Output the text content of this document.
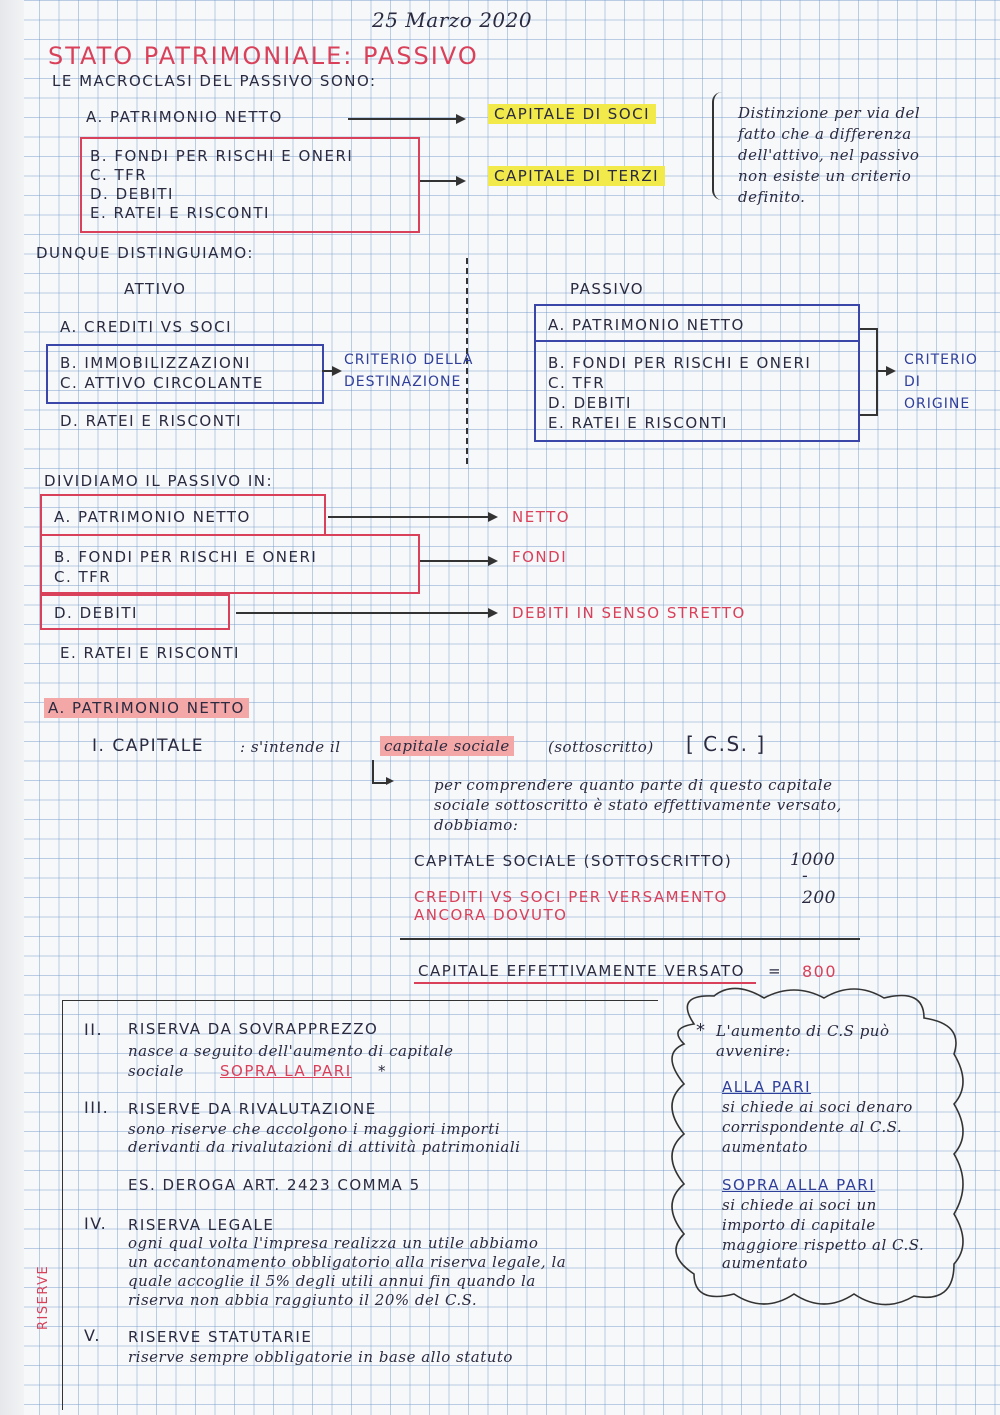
25 Marzo 2020
STATO PATRIMONIALE: PASSIVO
LE MACROCLASI DEL PASSIVO SONO:
A. PATRIMONIO NETTO	CAPITALE DI SOCI
B. FONDI PER RISCHI E ONERI
C. TFR
D. DEBITI
E. RATEI E RISCONTI
CAPITALE DI TERZI
Distinzione per via del
fatto che a differenza
dell'attivo, nel passivo
non esiste un criterio
definito.
DUNQUE DISTINGUIAMO:
ATTIVO
A. CREDITI VS SOCI
B. IMMOBILIZZAZIONI
C. ATTIVO CIRCOLANTE
CRITERIO DELLA
DESTINAZIONE
D. RATEI E RISCONTI
PASSIVO
A. PATRIMONIO NETTO
B. FONDI PER RISCHI E ONERI
C. TFR
D. DEBITI
E. RATEI E RISCONTI
CRITERIO
DI
ORIGINE
DIVIDIAMO IL PASSIVO IN:
A. PATRIMONIO NETTO	NETTO
B. FONDI PER RISCHI E ONERI
C. TFR
FONDI
D. DEBITI	DEBITI IN SENSO STRETTO
E. RATEI E RISCONTI
A. PATRIMONIO NETTO
I. CAPITALE : s'intende il	capitale sociale	(sottoscritto) [ C.S. ]
per comprendere quanto parte di questo capitale
sociale sottoscritto è stato effettivamente versato,
dobbiamo:
CAPITALE SOCIALE (SOTTOSCRITTO)	1000
-
CREDITI VS SOCI PER VERSAMENTO
ANCORA DOVUTO
200
CAPITALE EFFETTIVAMENTE VERSATO = 800
RISERVE
II. RISERVA DA SOVRAPPREZZO
nasce a seguito dell'aumento di capitale
sociale SOPRA LA PARI *
III. RISERVE DA RIVALUTAZIONE
sono riserve che accolgono i maggiori importi
derivanti da rivalutazioni di attività patrimoniali
ES. DEROGA ART. 2423 COMMA 5
IV. RISERVA LEGALE
ogni qual volta l'impresa realizza un utile abbiamo
un accantonamento obbligatorio alla riserva legale, la
quale accoglie il 5% degli utili annui fin quando la
riserva non abbia raggiunto il 20% del C.S.
V. RISERVE STATUTARIE
riserve sempre obbligatorie in base allo statuto
* L'aumento di C.S può
avvenire:
ALLA PARI
si chiede ai soci denaro
corrispondente al C.S.
aumentato
SOPRA ALLA PARI
si chiede ai soci un
importo di capitale
maggiore rispetto al C.S.
aumentato
